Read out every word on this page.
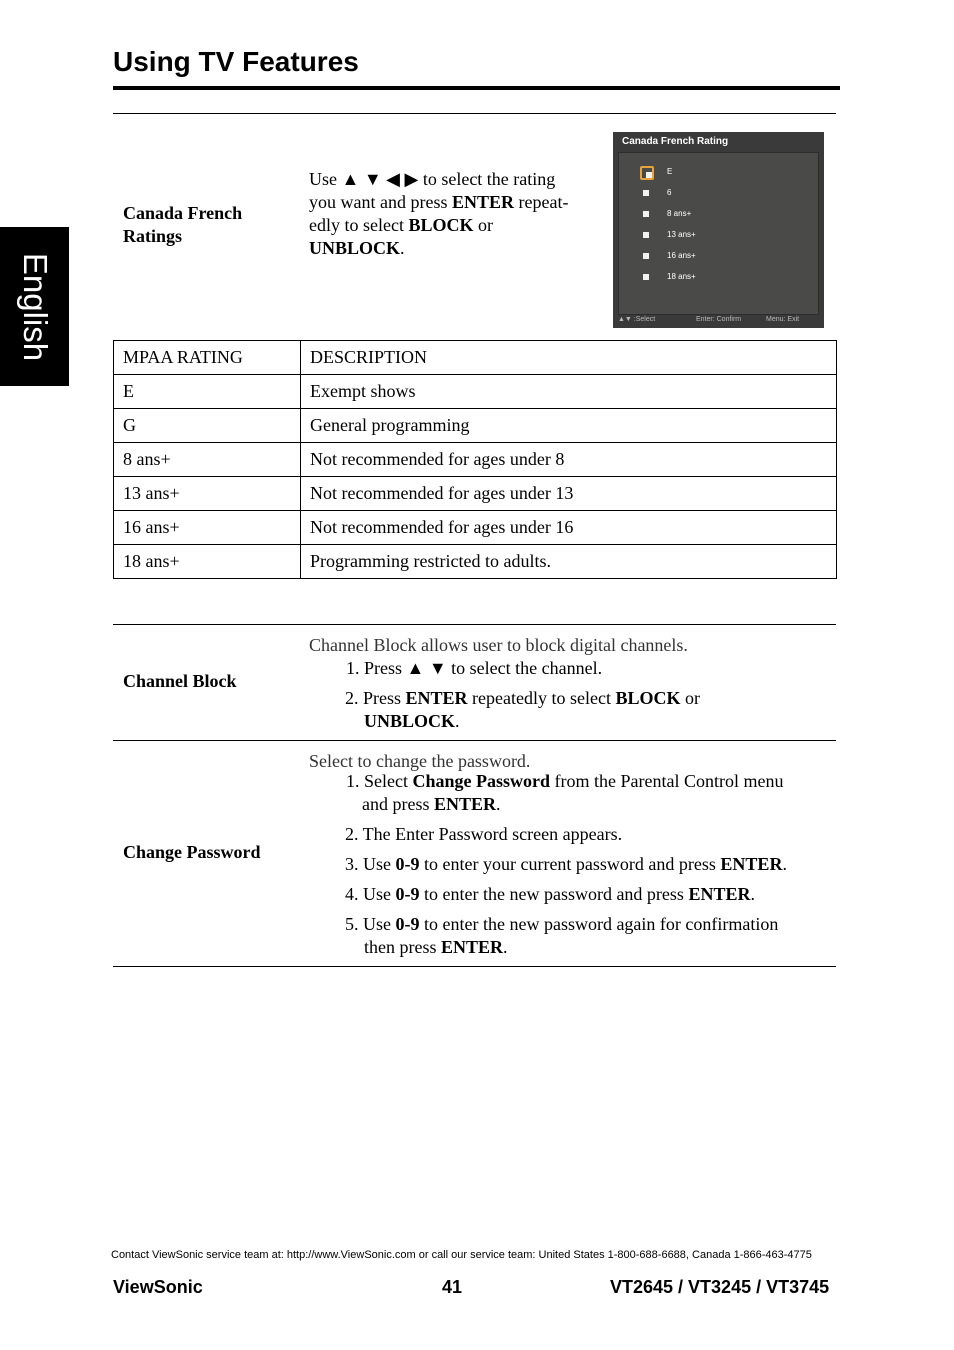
English
Using TV Features
Canada French
Ratings
Use ▲ ▼ ◀ ▶ to select the rating
you want and press ENTER repeat-
edly to select BLOCK or
UNBLOCK.
Canada French Rating
E
6
8 ans+
13 ans+
16 ans+
18 ans+
▲▼ :Select	Enter: Confirm	Menu: Exit
MPAA RATING	DESCRIPTION
E	Exempt shows
G	General programming
8 ans+	Not recommended for ages under 8
13 ans+	Not recommended for ages under 13
16 ans+	Not recommended for ages under 16
18 ans+	Programming restricted to adults.
Channel Block
Channel Block allows user to block digital channels.
1. Press ▲ ▼ to select the channel.
2. Press ENTER repeatedly to select BLOCK or
UNBLOCK.
Change Password
Select to change the password.
1. Select Change Password from the Parental Control menu
and press ENTER.
2. The Enter Password screen appears.
3. Use 0-9 to enter your current password and press ENTER.
4. Use 0-9 to enter the new password and press ENTER.
5. Use 0-9 to enter the new password again for confirmation
then press ENTER.
Contact ViewSonic service team at: http://www.ViewSonic.com or call our service team: United States 1-800-688-6688, Canada 1-866-463-4775
ViewSonic	41	VT2645 / VT3245 / VT3745
